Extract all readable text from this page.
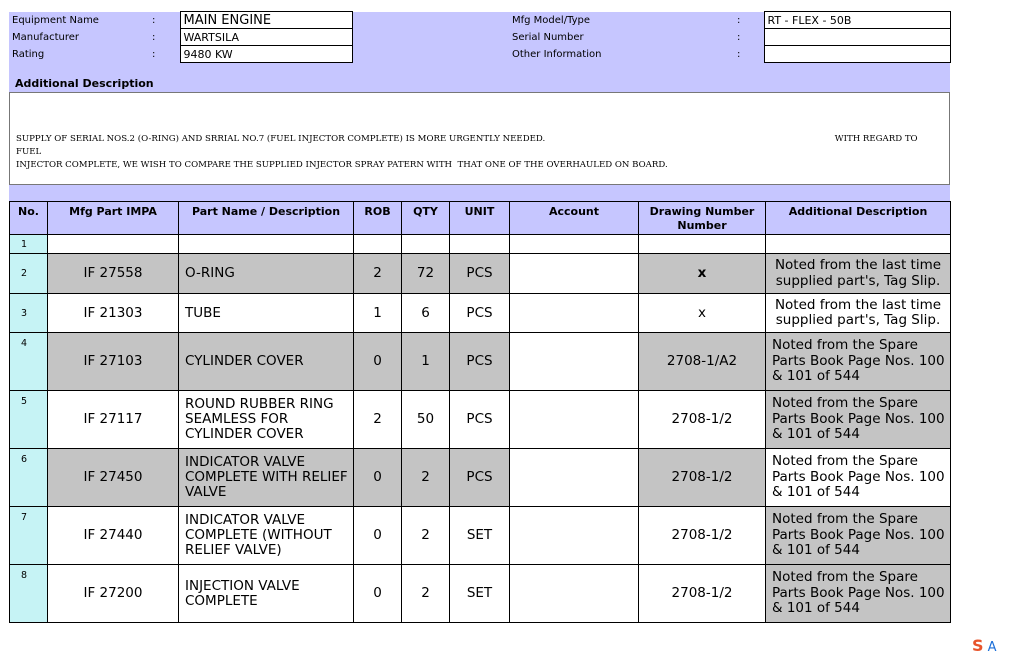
Equipment Name	:	MAIN ENGINE		Mfg Model/Type	:	RT - FLEX - 50B
Manufacturer	:	WARTSILA		Serial Number	:	
Rating	:	9480 KW		Other Information	:	
Additional Description
SUPPLY OF SERIAL NOS.2 (O-RING) AND SRRIAL NO.7 (FUEL INJECTOR COMPLETE) IS MORE URGENTLY NEEDED.                                                                                                          WITH REGARD TO FUEL
INJECTOR COMPLETE, WE WISH TO COMPARE THE SUPPLIED INJECTOR SPRAY PATERN WITH  THAT ONE OF THE OVERHAULED ON BOARD.
No.	Mfg Part IMPA	Part Name / Description	ROB	QTY	UNIT	Account	Drawing Number Number	Additional Description
1								
2	IF 27558	O-RING	2	72	PCS		x	Noted from the last time supplied part's, Tag Slip.
3	IF 21303	TUBE	1	6	PCS		x	Noted from the last time supplied part's, Tag Slip.
4	IF 27103	CYLINDER COVER	0	1	PCS		2708-1/A2	Noted from the Spare Parts Book Page Nos. 100 & 101 of 544
5	IF 27117	ROUND RUBBER RING SEAMLESS FOR CYLINDER COVER	2	50	PCS		2708-1/2	Noted from the Spare Parts Book Page Nos. 100 & 101 of 544
6	IF 27450	INDICATOR VALVE COMPLETE WITH RELIEF VALVE	0	2	PCS		2708-1/2	Noted from the Spare Parts Book Page Nos. 100 & 101 of 544
7	IF 27440	INDICATOR VALVE COMPLETE (WITHOUT RELIEF VALVE)	0	2	SET		2708-1/2	Noted from the Spare Parts Book Page Nos. 100 & 101 of 544
8	IF 27200	INJECTION VALVE COMPLETE	0	2	SET		2708-1/2	Noted from the Spare Parts Book Page Nos. 100 & 101 of 544
Ѕ A
